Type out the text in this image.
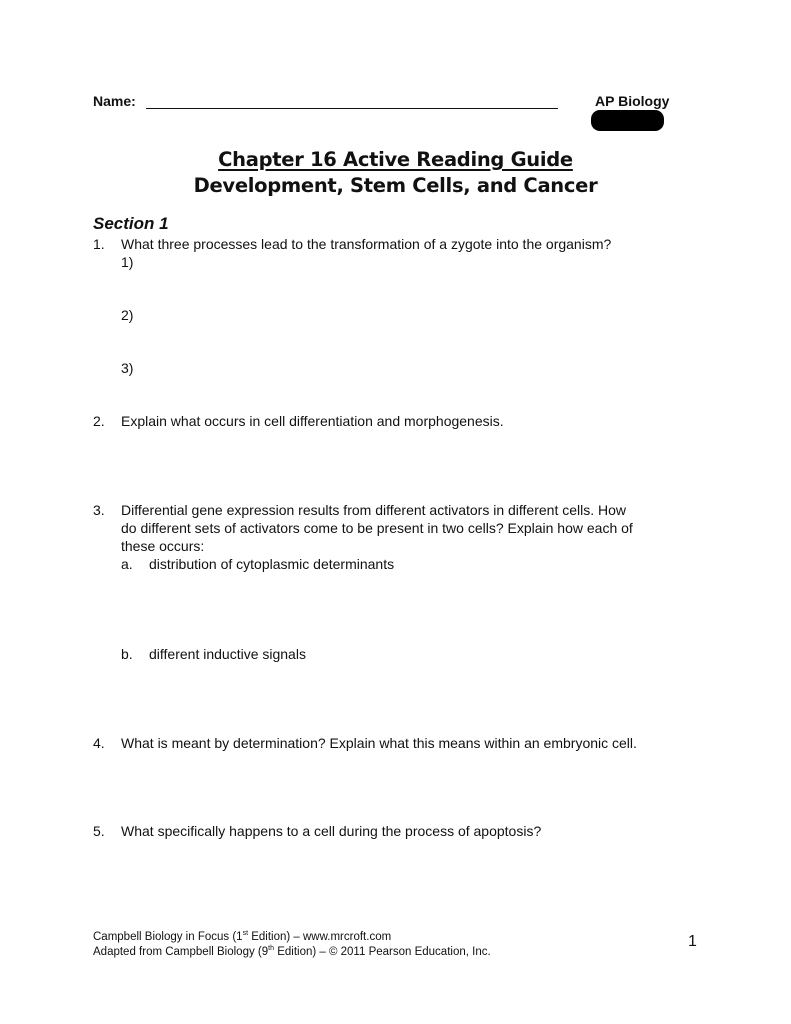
Name:	AP Biology
Chapter 16 Active Reading Guide
Development, Stem Cells, and Cancer
Section 1
1. What three processes lead to the transformation of a zygote into the organism?
1)
2)
3)
2. Explain what occurs in cell differentiation and morphogenesis.
3. Differential gene expression results from different activators in different cells. How
do different sets of activators come to be present in two cells? Explain how each of
these occurs:
a. distribution of cytoplasmic determinants
b. different inductive signals
4. What is meant by determination? Explain what this means within an embryonic cell.
5. What specifically happens to a cell during the process of apoptosis?
Campbell Biology in Focus (1st Edition) – www.mrcroft.com
Adapted from Campbell Biology (9th Edition) – © 2011 Pearson Education, Inc.
1
